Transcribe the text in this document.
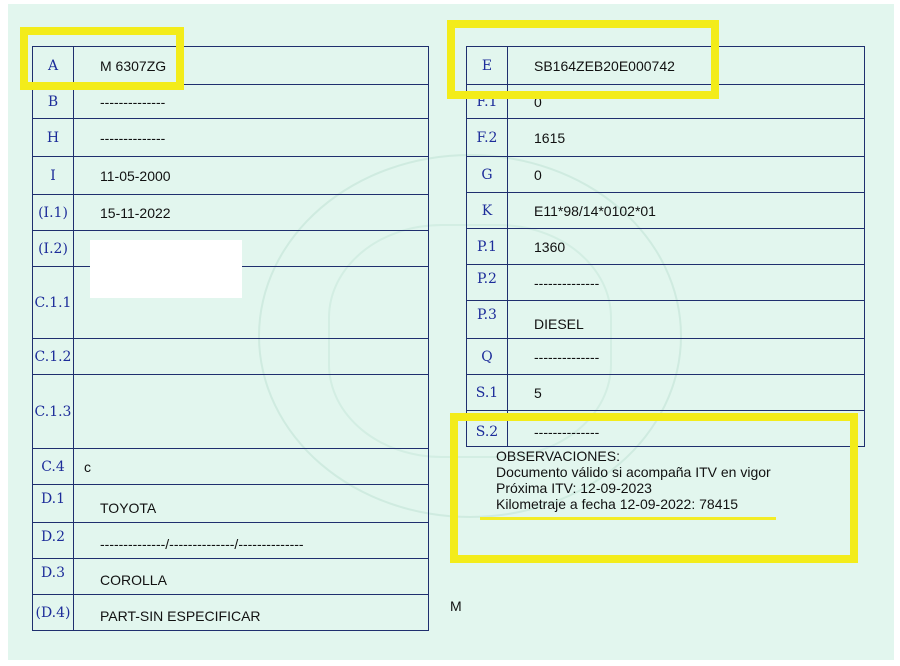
A	M 6307ZG
B	--------------
H	--------------
I	11-05-2000
(I.1)	15-11-2022
(I.2)	
C.1.1	
C.1.2	
C.1.3	
C.4	c
D.1	TOYOTA
D.2	--------------/--------------/--------------
D.3	COROLLA
(D.4)	PART-SIN ESPECIFICAR
E	SB164ZEB20E000742
F.1	0
F.2	1615
G	0
K	E11*98/14*0102*01
P.1	1360
P.2	--------------
P.3	DIESEL
Q	--------------
S.1	5
S.2	--------------
OBSERVACIONES:
Documento válido si acompaña ITV en vigor
Próxima ITV: 12-09-2023
Kilometraje a fecha 12-09-2022: 78415
M
